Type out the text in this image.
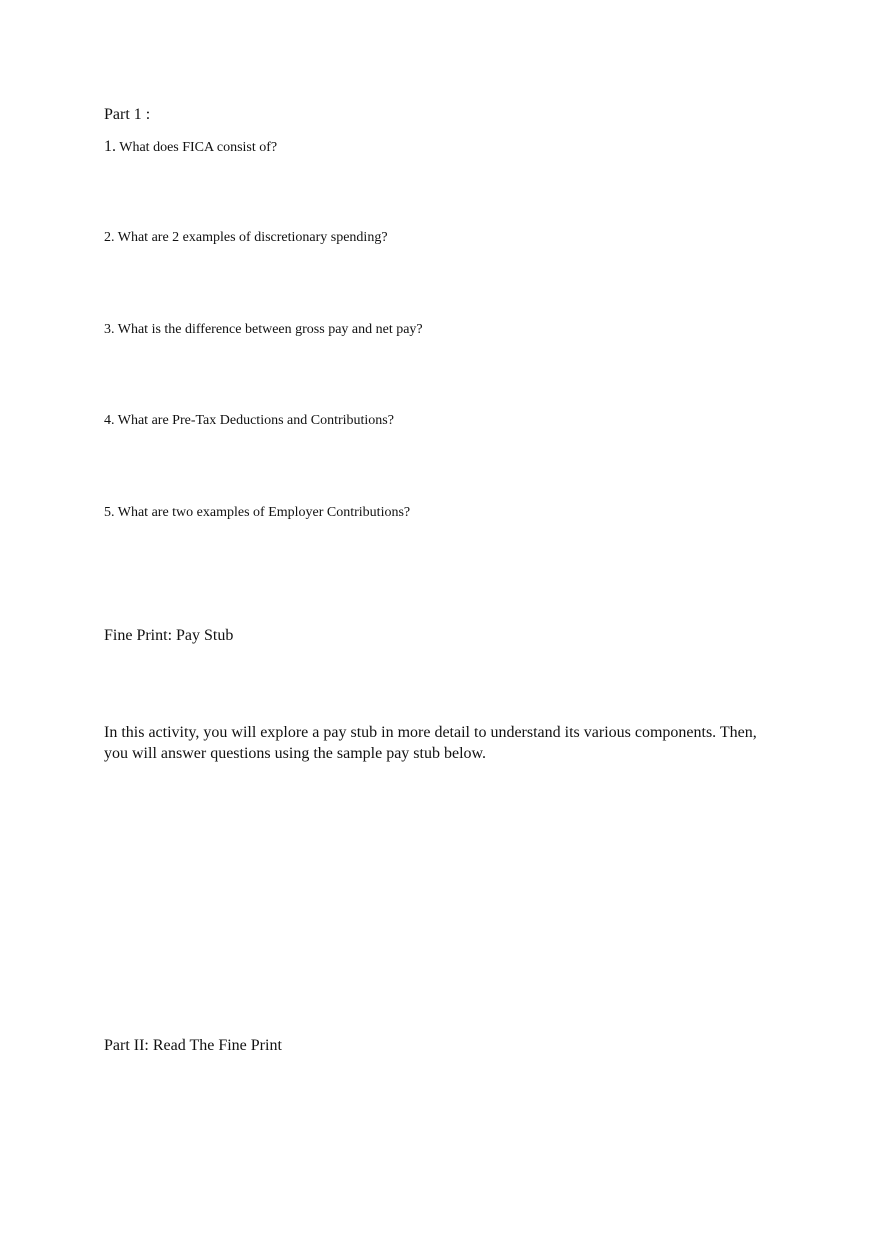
Part 1 :

1. What does FICA consist of?

2. What are 2 examples of discretionary spending?

3. What is the difference between gross pay and net pay?

4. What are Pre-Tax Deductions and Contributions?

5. What are two examples of Employer Contributions?

Fine Print: Pay Stub

In this activity, you will explore a pay stub in more detail to understand its various components. Then, you will answer questions using the sample pay stub below.

Part II: Read The Fine Print
